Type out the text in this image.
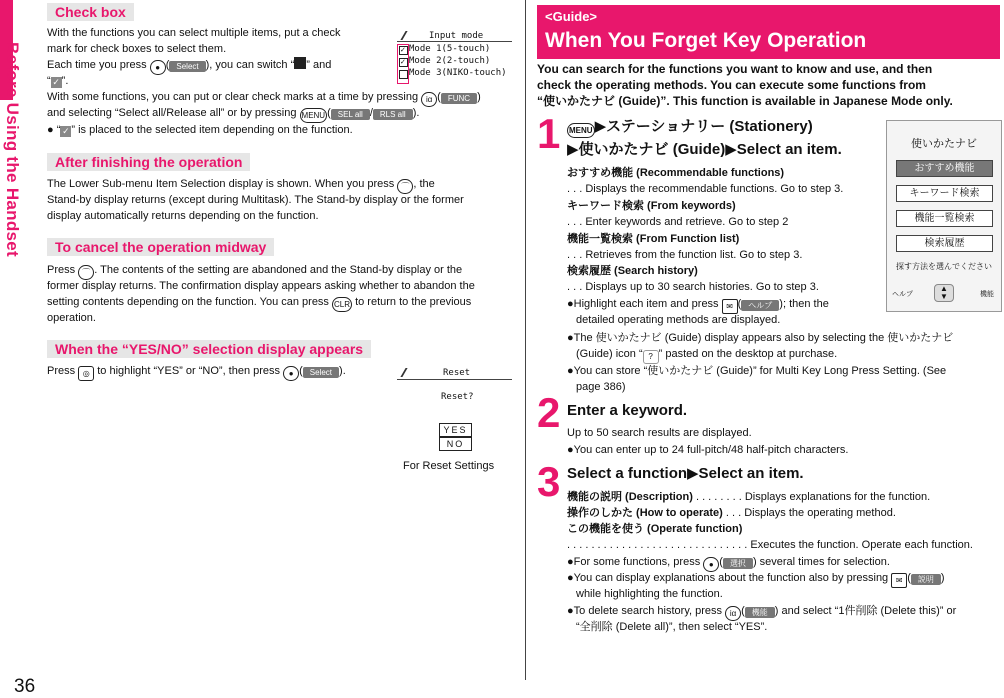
Before Using the Handset
36
Check box
With the functions you can select multiple items, put a check
mark for check boxes to select them.
Each time you press ● ( Select ), you can switch “ ” and
“ ✓ ”.
With some functions, you can put or clear check marks at a time by pressing iα ( FUNC )
and selecting “Select all/Release all” or by pressing MENU ( SEL all / RLS all ).
● “ ✓ ” is placed to the selected item depending on the function.
Input mode
✓
✓
Mode 1(5-touch)
Mode 2(2-touch)
Mode 3(NIKO-touch)
After finishing the operation
The Lower Sub-menu Item Selection display is shown. When you press ⌒ , the
Stand-by display returns (except during Multitask). The Stand-by display or the former
display automatically returns depending on the function.
To cancel the operation midway
Press ⌒ . The contents of the setting are abandoned and the Stand-by display or the
former display returns. The confirmation display appears asking whether to abandon the
setting contents depending on the function. You can press CLR to return to the previous
operation.
When the “YES/NO” selection display appears
Press ◎ to highlight “YES” or “NO”, then press ● ( Select ).	Reset
Reset?
YES
NO
For Reset Settings
<Guide>
When You Forget Key Operation
You can search for the functions you want to know and use, and then
check the operating methods. You can execute some functions from
“使いかたナビ (Guide)”. This function is available in Japanese Mode only.
1 MENU ▶ステーショナリー (Stationery)
▶使いかたナビ (Guide)▶Select an item.
おすすめ機能 (Recommendable functions)
. . . Displays the recommendable functions. Go to step 3.
キーワード検索 (From keywords)
. . . Enter keywords and retrieve. Go to step 2
機能一覧検索 (From Function list)
. . . Retrieves from the function list. Go to step 3.
検索履歴 (Search history)
. . . Displays up to 30 search histories. Go to step 3.
●Highlight each item and press ✉ ( ヘルプ ); then the
detailed operating methods are displayed.
●The 使いかたナビ (Guide) display appears also by selecting the 使いかたナビ
(Guide) icon “ ? ” pasted on the desktop at purchase.
●You can store “使いかたナビ (Guide)” for Multi Key Long Press Setting. (See
page 386)
使いかたナビ
おすすめ機能
キーワード検索
機能一覧検索
検索履歴
探す方法を選んでください
ヘルプ
▲
▼	機能
2 Enter a keyword.
Up to 50 search results are displayed.
●You can enter up to 24 full-pitch/48 half-pitch characters.
3 Select a function▶Select an item.
機能の説明 (Description) . . . . . . . . Displays explanations for the function.
操作のしかた (How to operate) . . . Displays the operating method.
この機能を使う (Operate function)
. . . . . . . . . . . . . . . . . . . . . . . . . . . . . . Executes the function. Operate each function.
●For some functions, press ● ( 選択 ) several times for selection.
●You can display explanations about the function also by pressing ✉ ( 説明 )
while highlighting the function.
●To delete search history, press iα ( 機能 ) and select “1件削除 (Delete this)” or
“全削除 (Delete all)”, then select “YES”.
